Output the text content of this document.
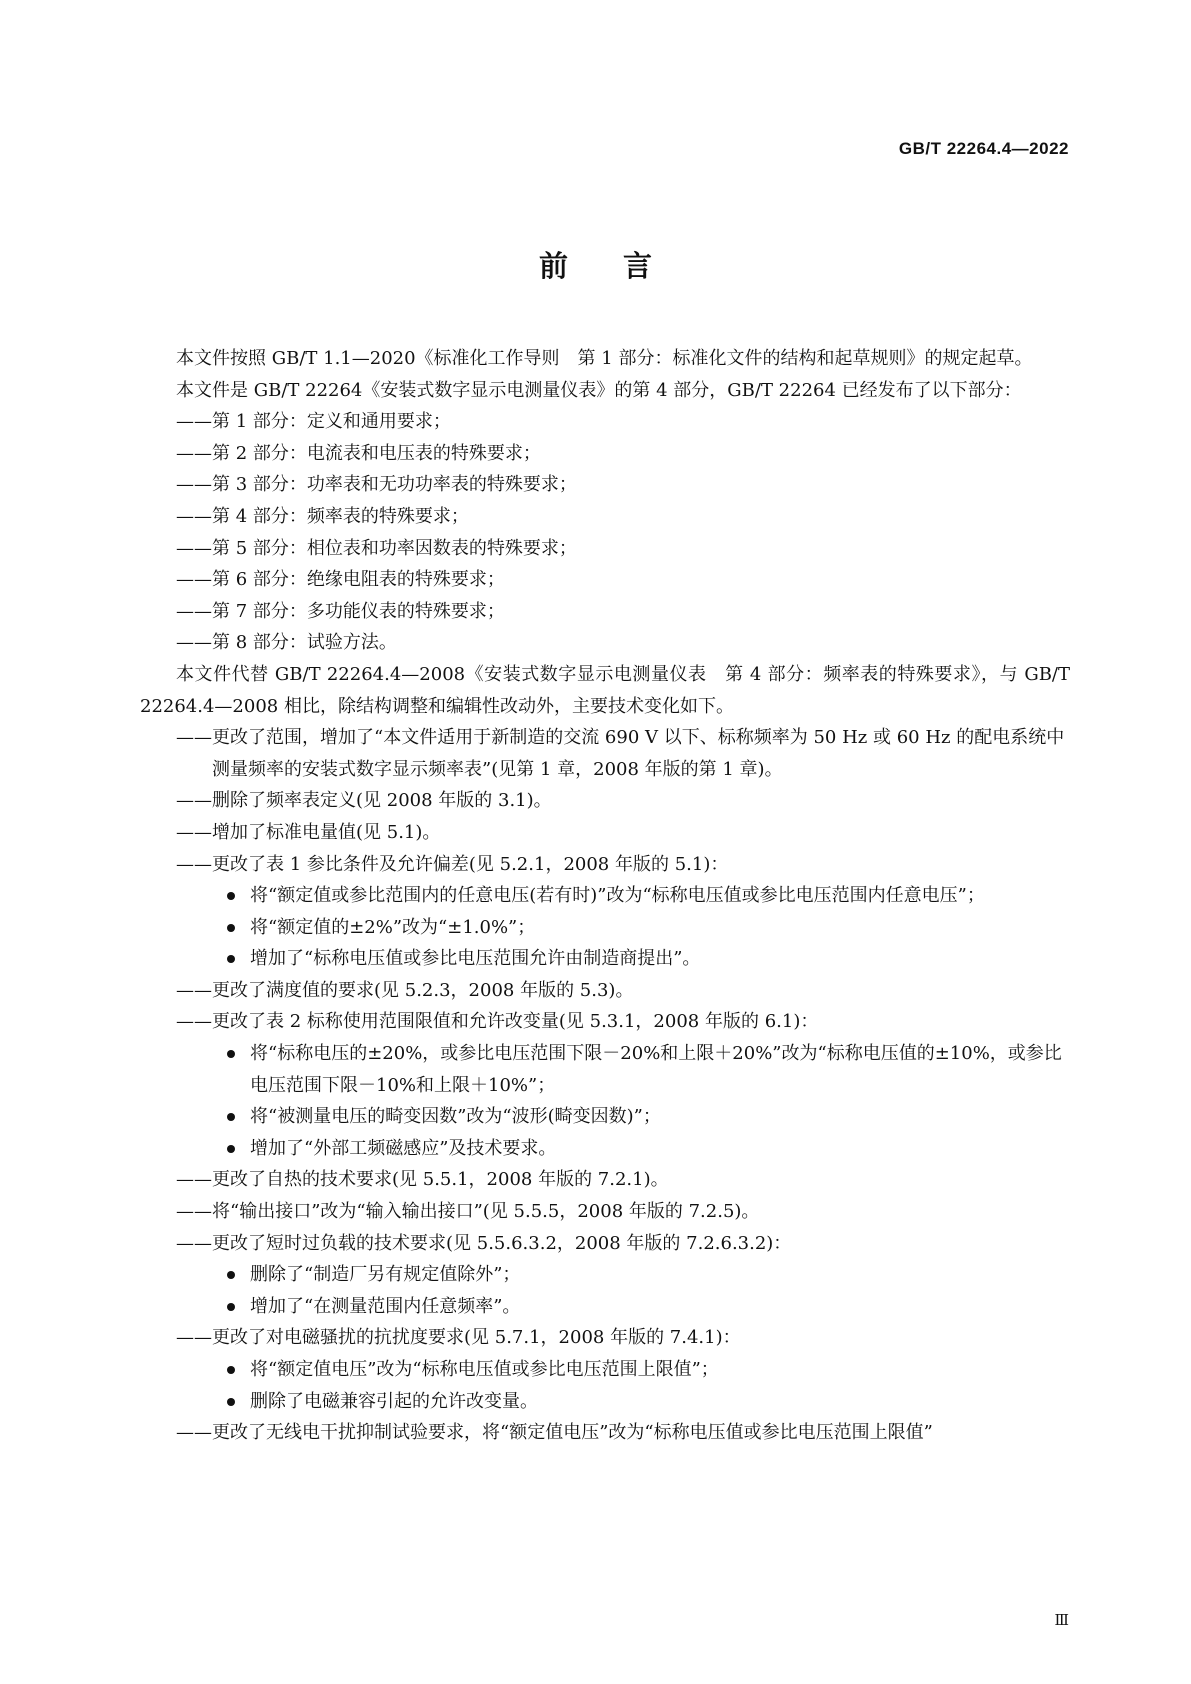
GB/T 22264.4—2022
前言

本文件按照 GB/T 1.1—2020《标准化工作导则　第 1 部分：标准化文件的结构和起草规则》的规定起草。

本文件是 GB/T 22264《安装式数字显示电测量仪表》的第 4 部分，GB/T 22264 已经发布了以下部分：

——第 1 部分：定义和通用要求；

——第 2 部分：电流表和电压表的特殊要求；

——第 3 部分：功率表和无功功率表的特殊要求；

——第 4 部分：频率表的特殊要求；

——第 5 部分：相位表和功率因数表的特殊要求；

——第 6 部分：绝缘电阻表的特殊要求；

——第 7 部分：多功能仪表的特殊要求；

——第 8 部分：试验方法。

本文件代替 GB/T 22264.4—2008《安装式数字显示电测量仪表　第 4 部分：频率表的特殊要求》，与 GB/T 22264.4—2008 相比，除结构调整和编辑性改动外，主要技术变化如下。

——更改了范围，增加了“本文件适用于新制造的交流 690 V 以下、标称频率为 50 Hz 或 60 Hz 的配电系统中测量频率的安装式数字显示频率表”(见第 1 章，2008 年版的第 1 章)。

——删除了频率表定义(见 2008 年版的 3.1)。

——增加了标准电量值(见 5.1)。

——更改了表 1 参比条件及允许偏差(见 5.2.1，2008 年版的 5.1)：

将“额定值或参比范围内的任意电压(若有时)”改为“标称电压值或参比电压范围内任意电压”；

将“额定值的±2%”改为“±1.0%”；

增加了“标称电压值或参比电压范围允许由制造商提出”。

——更改了满度值的要求(见 5.2.3，2008 年版的 5.3)。

——更改了表 2 标称使用范围限值和允许改变量(见 5.3.1，2008 年版的 6.1)：

将“标称电压的±20%，或参比电压范围下限－20%和上限＋20%”改为“标称电压值的±10%，或参比电压范围下限－10%和上限＋10%”；

将“被测量电压的畸变因数”改为“波形(畸变因数)”；

增加了“外部工频磁感应”及技术要求。

——更改了自热的技术要求(见 5.5.1，2008 年版的 7.2.1)。

——将“输出接口”改为“输入输出接口”(见 5.5.5，2008 年版的 7.2.5)。

——更改了短时过负载的技术要求(见 5.5.6.3.2，2008 年版的 7.2.6.3.2)：

删除了“制造厂另有规定值除外”；

增加了“在测量范围内任意频率”。

——更改了对电磁骚扰的抗扰度要求(见 5.7.1，2008 年版的 7.4.1)：

将“额定值电压”改为“标称电压值或参比电压范围上限值”；

删除了电磁兼容引起的允许改变量。

——更改了无线电干扰抑制试验要求，将“额定值电压”改为“标称电压值或参比电压范围上限值”

Ⅲ
